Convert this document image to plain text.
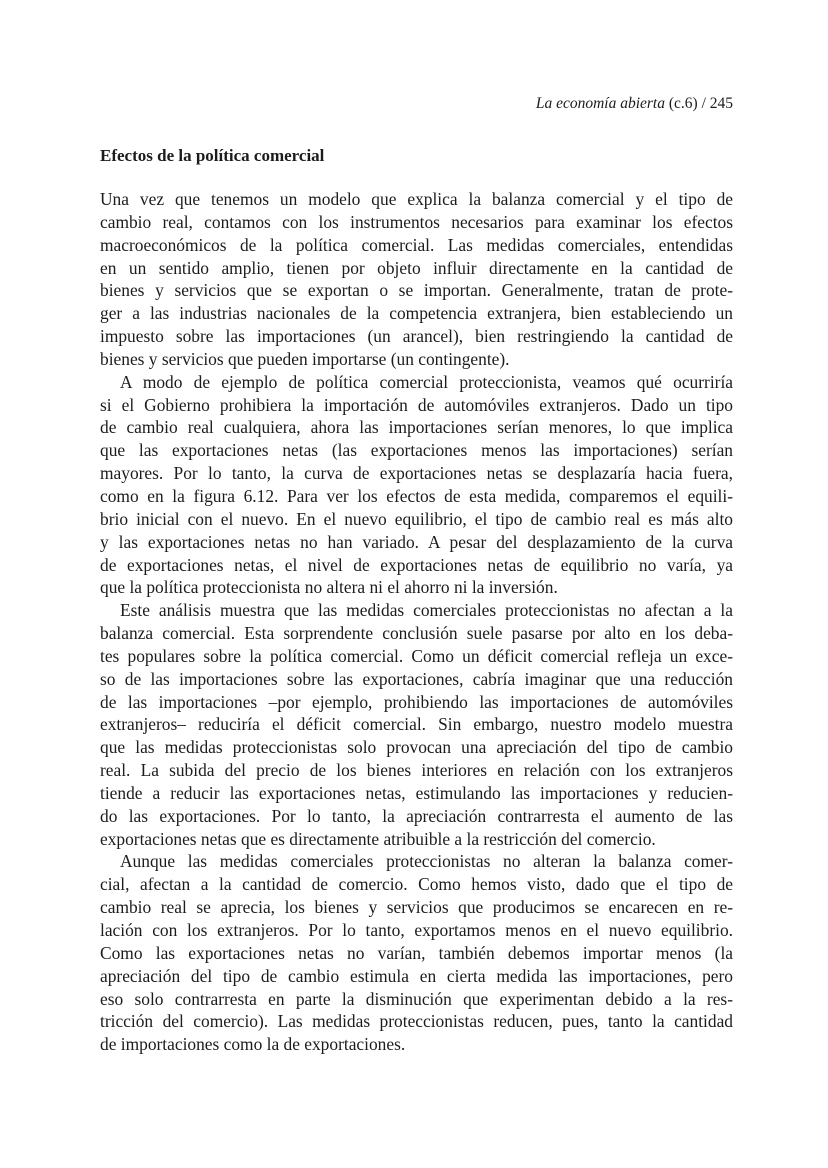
La economía abierta (c.6) / 245
Efectos de la política comercial
Una vez que tenemos un modelo que explica la balanza comercial y el tipo de
cambio real, contamos con los instrumentos necesarios para examinar los efectos
macroeconómicos de la política comercial. Las medidas comerciales, entendidas
en un sentido amplio, tienen por objeto influir directamente en la cantidad de
bienes y servicios que se exportan o se importan. Generalmente, tratan de prote-
ger a las industrias nacionales de la competencia extranjera, bien estableciendo un
impuesto sobre las importaciones (un arancel), bien restringiendo la cantidad de
bienes y servicios que pueden importarse (un contingente).
A modo de ejemplo de política comercial proteccionista, veamos qué ocurriría
si el Gobierno prohibiera la importación de automóviles extranjeros. Dado un tipo
de cambio real cualquiera, ahora las importaciones serían menores, lo que implica
que las exportaciones netas (las exportaciones menos las importaciones) serían
mayores. Por lo tanto, la curva de exportaciones netas se desplazaría hacia fuera,
como en la figura 6.12. Para ver los efectos de esta medida, comparemos el equili-
brio inicial con el nuevo. En el nuevo equilibrio, el tipo de cambio real es más alto
y las exportaciones netas no han variado. A pesar del desplazamiento de la curva
de exportaciones netas, el nivel de exportaciones netas de equilibrio no varía, ya
que la política proteccionista no altera ni el ahorro ni la inversión.
Este análisis muestra que las medidas comerciales proteccionistas no afectan a la
balanza comercial. Esta sorprendente conclusión suele pasarse por alto en los deba-
tes populares sobre la política comercial. Como un déficit comercial refleja un exce-
so de las importaciones sobre las exportaciones, cabría imaginar que una reducción
de las importaciones –por ejemplo, prohibiendo las importaciones de automóviles
extranjeros– reduciría el déficit comercial. Sin embargo, nuestro modelo muestra
que las medidas proteccionistas solo provocan una apreciación del tipo de cambio
real. La subida del precio de los bienes interiores en relación con los extranjeros
tiende a reducir las exportaciones netas, estimulando las importaciones y reducien-
do las exportaciones. Por lo tanto, la apreciación contrarresta el aumento de las
exportaciones netas que es directamente atribuible a la restricción del comercio.
Aunque las medidas comerciales proteccionistas no alteran la balanza comer-
cial, afectan a la cantidad de comercio. Como hemos visto, dado que el tipo de
cambio real se aprecia, los bienes y servicios que producimos se encarecen en re-
lación con los extranjeros. Por lo tanto, exportamos menos en el nuevo equilibrio.
Como las exportaciones netas no varían, también debemos importar menos (la
apreciación del tipo de cambio estimula en cierta medida las importaciones, pero
eso solo contrarresta en parte la disminución que experimentan debido a la res-
tricción del comercio). Las medidas proteccionistas reducen, pues, tanto la cantidad
de importaciones como la de exportaciones.
